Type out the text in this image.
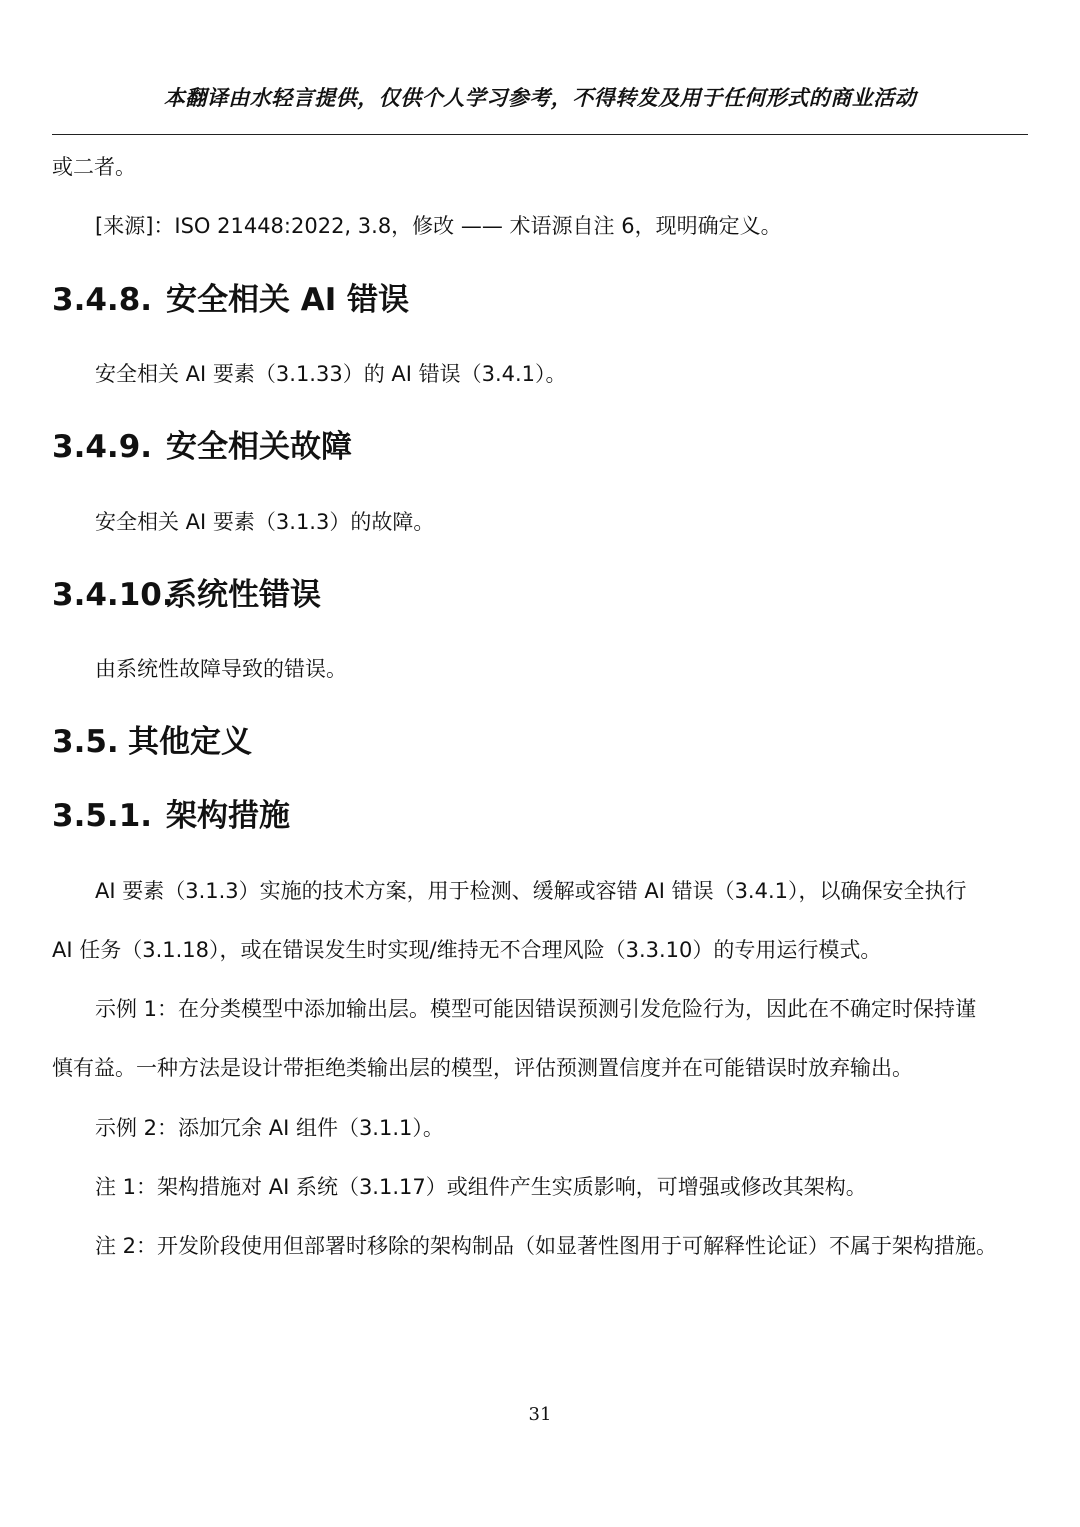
本翻译由水轻言提供，仅供个人学习参考，不得转发及用于任何形式的商业活动
或二者。
[来源]：ISO 21448:2022, 3.8，修改 —— 术语源自注 6，现明确定义。
3.4.8. 安全相关 AI 错误
安全相关 AI 要素（3.1.33）的 AI 错误（3.4.1）。
3.4.9. 安全相关故障
安全相关 AI 要素（3.1.3）的故障。
3.4.10.系统性错误
由系统性故障导致的错误。
3.5. 其他定义
3.5.1. 架构措施
AI 要素（3.1.3）实施的技术方案，用于检测、缓解或容错 AI 错误（3.4.1），以确保安全执行
AI 任务（3.1.18），或在错误发生时实现/维持无不合理风险（3.3.10）的专用运行模式。
示例 1：在分类模型中添加输出层。模型可能因错误预测引发危险行为，因此在不确定时保持谨
慎有益。一种方法是设计带拒绝类输出层的模型，评估预测置信度并在可能错误时放弃输出。
示例 2：添加冗余 AI 组件（3.1.1）。
注 1：架构措施对 AI 系统（3.1.17）或组件产生实质影响，可增强或修改其架构。
注 2：开发阶段使用但部署时移除的架构制品（如显著性图用于可解释性论证）不属于架构措施。
31
